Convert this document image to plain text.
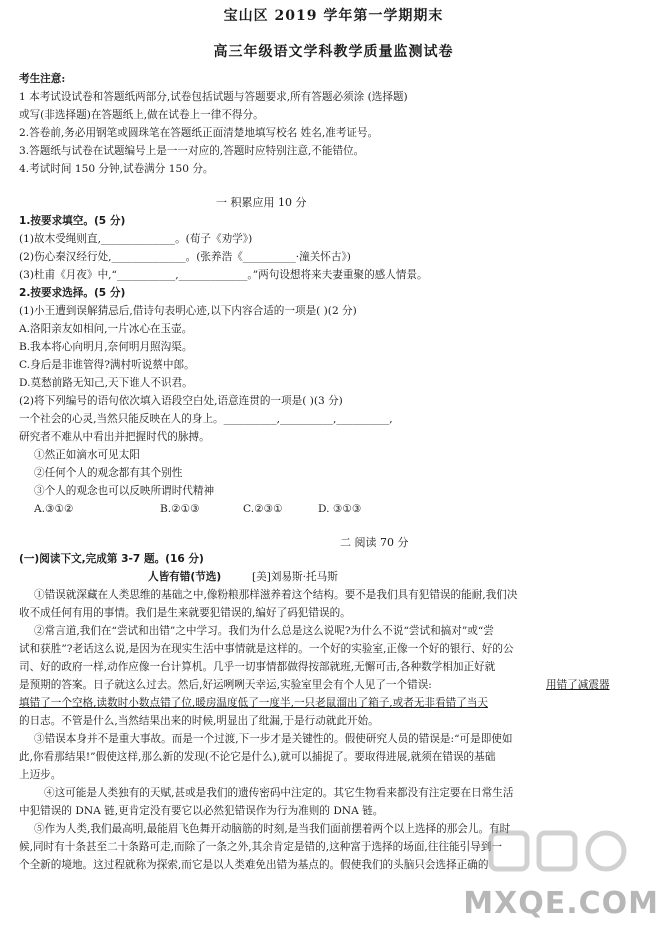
宝山区 2019 学年第一学期期末
高三年级语文学科教学质量监测试卷
考生注意:
1 本考试设试卷和答题纸两部分,试卷包括试题与答题要求,所有答题必须涂 (选择题)
或写(非选择题)在答题纸上,做在试卷上一律不得分。
2.答卷前,务必用钢笔或圆珠笔在答题纸正面清楚地填写校名 姓名,准考证号。
3.答题纸与试卷在试题编号上是一一对应的,答题时应特别注意,不能错位。
4.考试时间 150 分钟,试卷满分 150 分。
一 积累应用 10 分
1.按要求填空。(5 分)
(1)故木受绳则直,______________。(荀子《劝学》)
(2)伤心秦汉经行处,______________。(张养浩《__________·潼关怀古》)
(3)杜甫《月夜》中,“___________,_____________。”两句设想将来夫妻重聚的感人情景。
2.按要求选择。(5 分)
(1)小王遭到误解猜忌后,借诗句表明心迹,以下内容合适的一项是( )(2 分)
A.洛阳亲友如相问,一片冰心在玉壶。
B.我本将心向明月,奈何明月照沟渠。
C.身后是非谁管得?满村听说蔡中郎。
D.莫愁前路无知己,天下谁人不识君。
(2)将下列编号的语句依次填入语段空白处,语意连贯的一项是( )(3 分)
一个社会的心灵,当然只能反映在人的身上。__________,__________,__________,
研究者不难从中看出并把握时代的脉搏。
①然正如滴水可见太阳
②任何个人的观念都有其个别性
③个人的观念也可以反映所谓时代精神
A.③①②	B.②①③	C.②③①	D. ③①③
二 阅读 70 分
(一)阅读下文,完成第 3-7 题。(16 分)
人皆有错(节选)	[美]刘易斯·托马斯
①错误就深藏在人类思维的基础之中,像粉粮那样滋养着这个结构。要不是我们具有犯错误的能耐,我们决
收不成任何有用的事情。我们是生来就要犯错误的,编好了码犯错误的。
②常言道,我们在“尝试和出错”之中学习。我们为什么总是这么说呢?为什么不说“尝试和搞对”或“尝
试和获胜”?老话这么说,是因为在现实生活中事情就是这样的。一个好的实验室,正像一个好的银行、好的公
司、好的政府一样,动作应像一台计算机。几乎一切事情都做得按部就班,无懈可击,各种数学相加正好就
是预期的答案。日子就这么过去。然后,好运咧咧天幸运,实验室里会有个人见了一个错误:	用错了减震器
填错了一个空格,读数时小数点错了位,暖房温度低了一度半,一只老鼠溜出了箱子,或者无非看错了当天
的日志。不管是什么,当然结果出来的时候,明显出了纰漏,于是行动就此开始。
③错误本身并不是重大事故。而是一个过渡,下一步才是关键性的。假使研究人员的错误是:“可是即使如
此,你看那结果!”假使这样,那么新的发现(不论它是什么),就可以捕捉了。要取得进展,就须在错误的基础
上迈步。
④这可能是人类独有的天赋,甚或是我们的遗传密码中注定的。其它生物看来都没有注定要在日常生活
中犯错误的 DNA 链,更肯定没有要它以必然犯错误作为行为准则的 DNA 链。
⑤作为人类,我们最高明,最能眉飞色舞开动脑筋的时刻,是当我们面前摆着两个以上选择的那会儿。有时
候,同时有十条甚至二十条路可走,而除了一条之外,其余肯定是错的,这种富于选择的场面,往往能引导到一
个全新的境地。这过程就称为探索,而它是以人类难免出错为基点的。假使我们的头脑只会选择正确的
MXQE.COM
